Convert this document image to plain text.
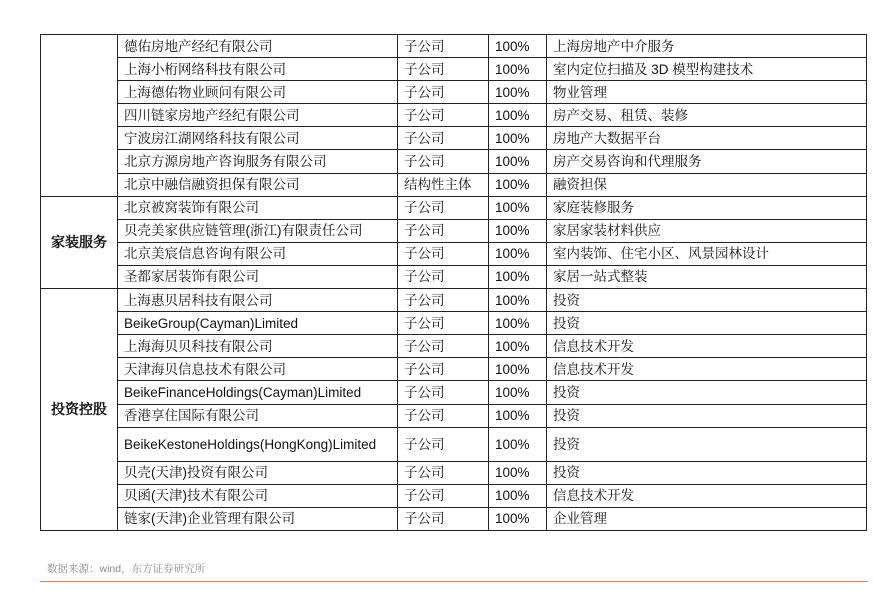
	德佑房地产经纪有限公司	子公司	100%	上海房地产中介服务
	上海小桁网络科技有限公司	子公司	100%	室内定位扫描及 3D 模型构建技术
	上海德佑物业顾问有限公司	子公司	100%	物业管理
	四川链家房地产经纪有限公司	子公司	100%	房产交易、租赁、装修
	宁波房江湖网络科技有限公司	子公司	100%	房地产大数据平台
	北京方源房地产咨询服务有限公司	子公司	100%	房产交易咨询和代理服务
	北京中融信融资担保有限公司	结构性主体	100%	融资担保
家装服务	北京被窝装饰有限公司	子公司	100%	家庭装修服务
	贝壳美家供应链管理(浙江)有限责任公司	子公司	100%	家居家装材料供应
	北京美宸信息咨询有限公司	子公司	100%	室内装饰、住宅小区、风景园林设计
	圣都家居装饰有限公司	子公司	100%	家居一站式整装
投资控股	上海惠贝居科技有限公司	子公司	100%	投资
	BeikeGroup(Cayman)Limited	子公司	100%	投资
	上海海贝贝科技有限公司	子公司	100%	信息技术开发
	天津海贝信息技术有限公司	子公司	100%	信息技术开发
	BeikeFinanceHoldings(Cayman)Limited	子公司	100%	投资
	香港享住国际有限公司	子公司	100%	投资
	BeikeKestoneHoldings(HongKong)Limited	子公司	100%	投资
	贝壳(天津)投资有限公司	子公司	100%	投资
	贝函(天津)技术有限公司	子公司	100%	信息技术开发
	链家(天津)企业管理有限公司	子公司	100%	企业管理
数据来源：wind，东方证券研究所
